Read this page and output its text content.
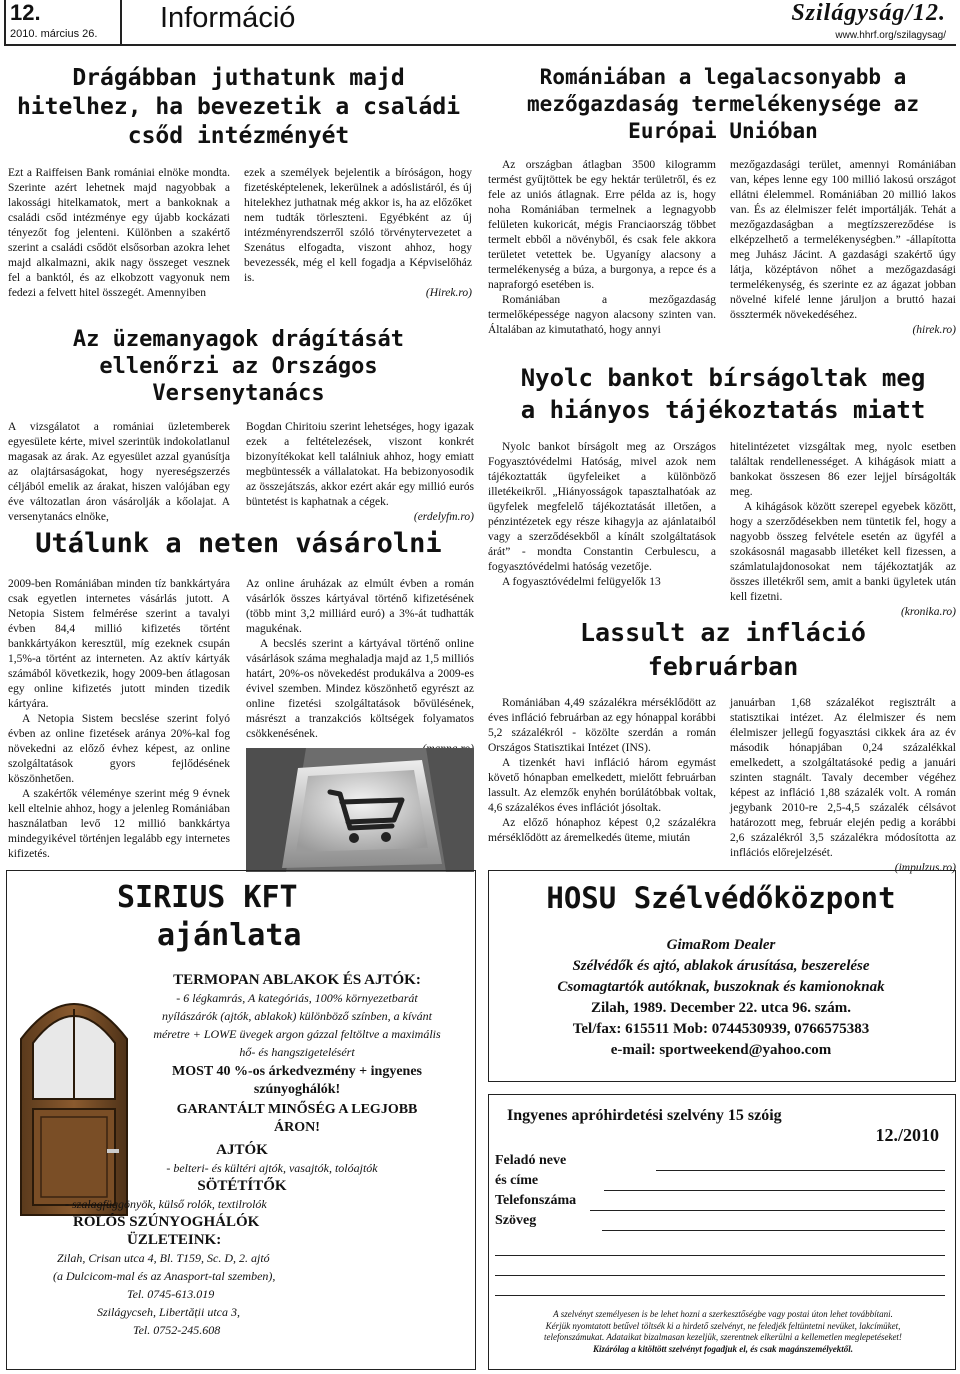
12.
2010. március 26. Információ	Szilágyság/12.
www.hhrf.org/szilagysag/
Drágábban juthatunk majd
hitelhez, ha bevezetik a családi
csőd intézményét

Ezt a Raiffeisen Bank romániai elnöke mondta. Szerinte azért lehetnek majd nagyobbak a lakossági hitelkamatok, mert a bankoknak a családi csőd intézménye egy újabb kockázati tényezőt fog jelenteni. Különben a szakértő szerint a családi csődöt elsősorban azokra lehet majd alkalmazni, akik nagy összeget vesznek fel a banktól, és az elkobzott vagyonuk nem fedezi a felvett hitel összegét. Amennyiben

ezek a személyek bejelentik a bíróságon, hogy fizetésképtelenek, lekerülnek a adóslistáról, és új hitelekhez juthatnak még akkor is, ha az előzőket nem tudták törleszteni. Egyébként az új intézményrendszerről szóló törvénytervezetet a Szenátus elfogadta, viszont ahhoz, hogy bevezessék, még el kell fogadja a Képviselőház is.

(Hirek.ro)
Az üzemanyagok drágítását
ellenőrzi az Országos
Versenytanács

A vizsgálatot a romániai üzletemberek egyesülete kérte, mivel szerintük indokolatlanul magasak az árak. Az egyesület azzal gyanúsítja az olajtársaságokat, hogy nyereségszerzés céljából emelik az árakat, hiszen valójában egy éve változatlan áron vásárolják a kőolajat. A versenytanács elnöke,

Bogdan Chiritoiu szerint lehetséges, hogy igazak ezek a feltételezések, viszont konkrét bizonyítékokat kell találniuk ahhoz, hogy emiatt megbüntessék a vállalatokat. Ha bebizonyosodik az összejátszás, akkor ezért akár egy millió eurós büntetést is kaphatnak a cégek.

(erdelyfm.ro)
Utálunk a neten vásárolni

2009-ben Romániában minden tíz bankkártyára csak egyetlen internetes vásárlás jutott. A Netopia Sistem felmérése szerint a tavalyi évben 84,4 millió kifizetés történt bankkártyákon keresztül, míg ezeknek csupán 1,5%-a történt az interneten. Az aktív kártyák számából következik, hogy 2009-ben átlagosan egy online kifizetés jutott minden tizedik kártyára.

A Netopia Sistem becslése szerint folyó évben az online fizetések aránya 20%-kal fog növekedni az előző évhez képest, az online szolgáltatások gyors fejlődésének köszönhetően.

A szakértők véleménye szerint még 9 évnek kell eltelnie ahhoz, hogy a jelenleg Romániában használatban levő 12 millió bankkártya mindegyikével történjen legalább egy internetes kifizetés.

Az online áruházak az elmúlt évben a román vásárlók összes kártyával történő kifizetésének (több mint 3,2 milliárd euró) a 3%-át tudhatták magukénak.

A becslés szerint a kártyával történő online vásárlások száma meghaladja majd az 1,5 milliós határt, 20%-os növekedést produkálva a 2009-es évivel szemben. Mindez köszönhető egyrészt az online fizetési szolgáltatások bővülésének, másrészt a tranzakciós költségek folyamatos csökkenésének.

Romániában a legalacsonyabb a
mezőgazdaság termelékenysége az
Európai Unióban

Az országban átlagban 3500 kilogramm termést gyűjtöttek be egy hektár területről, és ez fele az uniós átlagnak. Erre példa az is, hogy noha Romániában termelnek a legnagyobb felületen kukoricát, mégis Franciaország többet termelt ebből a növényből, és csak fele akkora területet vetettek be. Ugyanígy alacsony a termelékenység a búza, a burgonya, a repce és a napraforgó esetében is.

Romániában a mezőgazdaság termelőképessége nagyon alacsony szinten van. Általában az kimutatható, hogy annyi

mezőgazdasági terület, amennyi Romániában van, képes lenne egy 100 millió lakosú országot ellátni élelemmel. Romániában 20 millió lakos van. És az élelmiszer felét importálják. Tehát a mezőgazdaságban a megtízszereződése is elképzelhető a termelékenységben.” -állapította meg Juhász Jácint. A gazdasági szakértő úgy látja, középtávon nőhet a mezőgazdasági termelékenység, és szerinte ez az ágazat jobban növelné kifelé lenne járuljon a bruttó hazai össztermék növekedéséhez.

(hirek.ro)
Nyolc bankot bírságoltak meg
a hiányos tájékoztatás miatt

Nyolc bankot bírságolt meg az Országos Fogyasztóvédelmi Hatóság, mivel azok nem tájékoztatták ügyfeleiket a különböző illetékeikről. „Hiányosságok tapasztalhatóak az ügyfelek megfelelő tájékoztatását illetően, a pénzintézetek egy része kihagyja az ajánlataiból vagy a szerződésekből a kínált szolgáltatások árát” - mondta Constantin Cerbulescu, a fogyasztóvédelmi hatóság vezetője.

A fogyasztóvédelmi felügyelők 13

hitelintézetet vizsgáltak meg, nyolc esetben találtak rendellenességet. A kihágások miatt a bankokat összesen 86 ezer lejjel bírságolták meg.

A kihágások között szerepel egyebek között, hogy a szerződésekben nem tüntetik fel, hogy a nagyobb összeg felvétele esetén az ügyfél a szokásosnál magasabb illetéket kell fizessen, a számlatulajdonosokat nem tájékoztatják az összes illetékről sem, amit a banki ügyletek után kell fizetni.

(kronika.ro)
Lassult az infláció
februárban

Romániában 4,49 százalékra mérséklődött az éves infláció februárban az egy hónappal korábbi 5,2 százalékról - közölte szerdán a román Országos Statisztikai Intézet (INS).

A tizenkét havi infláció három egymást követő hónapban emelkedett, mielőtt februárban lassult. Az elemzők enyhén borúlátóbbak voltak, 4,6 százalékos éves inflációt jósoltak.

Az előző hónaphoz képest 0,2 százalékra mérséklődött az áremelkedés üteme, miután

januárban 1,68 százalékot regisztrált a statisztikai intézet. Az élelmiszer és nem élelmiszer jellegű fogyasztási cikkek ára az év második hónapjában 0,24 százalékkal emelkedett, a szolgáltatásoké pedig a januári szinten stagnált. Tavaly december végéhez képest az infláció 1,88 százalék volt. A román jegybank 2010-re 2,5-4,5 százalék célsávot határozott meg, február elején pedig a korábbi 2,6 százalékról 3,5 százalékra módosította az inflációs előrejelzését.

(impulzus.ro)
SIRIUS KFT
ajánlata
TERMOPAN ABLAKOK ÉS AJTÓK:
- 6 légkamrás, A kategóriás, 100% környezetbarát
nyílászárók (ajtók, ablakok) különböző színben, a kívánt
méretre + LOWE üvegek argon gázzal feltöltve a maximális
hő- és hangszigetelésért
MOST 40 %-os árkedvezmény + ingyenes
szúnyoghálók!
GARANTÁLT MINŐSÉG A LEGJOBB
ÁRON!
AJTÓK
- belteri- és kültéri ajtók, vasajtók, tolóajtók
SÖTÉTÍTŐK
- szalagfüggönyök, külső rolók, textilrolók
ROLÓS SZÚNYOGHÁLÓK
ÜZLETEINK:
Zilah, Crisan utca 4, Bl. T159, Sc. D, 2. ajtó
(a Dulcicom-mal és az Anasport-tal szemben),
Tel. 0745-613.019
Szilágycseh, Libertății utca 3,
Tel. 0752-245.608
HOSU Szélvédőközpont
GimaRom Dealer
Szélvédők és ajtó, ablakok árusítása, beszerelése
Csomagtartók autóknak, buszoknak és kamionoknak
Zilah, 1989. December 22. utca 96. szám.
Tel/fax: 615511 Mob: 0744530939, 0766575383
e-mail: sportweekend@yahoo.com
Ingyenes apróhirdetési szelvény 15 szóig
12./2010
Feladó neve
és címe
Telefonszáma
Szöveg
A szelvényt személyesen is be lehet hozni a szerkesztőségbe vagy postai úton lehet továbbítani.
Kérjük nyomtatott betűvel töltsék ki a hirdető szelvényt, ne feledjék feltüntetni nevüket, lakcímüket,
telefonszámukat. Adataikat bizalmasan kezeljük, szerentnek elkerülni a kellemetlen meglepetéseket!
Kizárólag a kitöltött szelvényt fogadjuk el, és csak magánszemélyektől.
